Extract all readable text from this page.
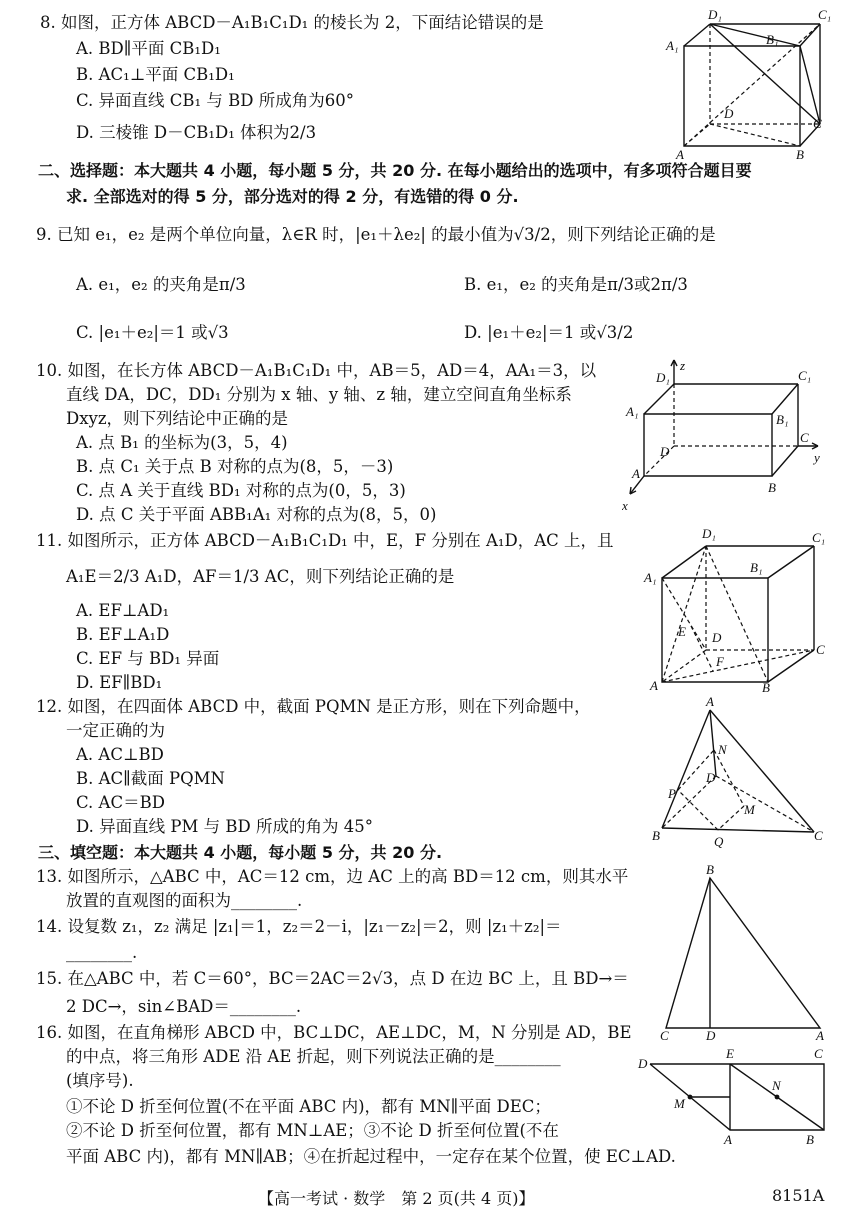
8. 如图，正方体 ABCD－A₁B₁C₁D₁ 的棱长为 2，下面结论错误的是
A. BD∥平面 CB₁D₁
B. AC₁⊥平面 CB₁D₁
C. 异面直线 CB₁ 与 BD 所成角为60°
D. 三棱锥 D－CB₁D₁ 体积为2/3
D₁	C₁
A₁	B₁
D
C
A	B
二、选择题：本大题共 4 小题，每小题 5 分，共 20 分. 在每小题给出的选项中，有多项符合题目要
求. 全部选对的得 5 分，部分选对的得 2 分，有选错的得 0 分.
9. 已知 e₁，e₂ 是两个单位向量，λ∈R 时，|e₁＋λe₂| 的最小值为√3/2，则下列结论正确的是
A. e₁，e₂ 的夹角是π/3	B. e₁，e₂ 的夹角是π/3或2π/3
C. |e₁＋e₂|＝1 或√3	D. |e₁＋e₂|＝1 或√3/2
10. 如图，在长方体 ABCD－A₁B₁C₁D₁ 中，AB＝5，AD＝4，AA₁＝3，以
直线 DA，DC，DD₁ 分别为 x 轴、y 轴、z 轴，建立空间直角坐标系
Dxyz，则下列结论中正确的是
A. 点 B₁ 的坐标为(3，5，4)
B. 点 C₁ 关于点 B 对称的点为(8，5，－3)
C. 点 A 关于直线 BD₁ 对称的点为(0，5，3)
D. 点 C 关于平面 ABB₁A₁ 对称的点为(8，5，0)
z
D₁	C₁
A₁
B₁
D
C
y
A
B
x
11. 如图所示，正方体 ABCD－A₁B₁C₁D₁ 中，E，F 分别在 A₁D，AC 上，且
A₁E＝2/3 A₁D，AF＝1/3 AC，则下列结论正确的是
A. EF⊥AD₁
B. EF⊥A₁D
C. EF 与 BD₁ 异面
D. EF∥BD₁
D₁	C₁
A₁
B₁
E D
F
C
A	B
12. 如图，在四面体 ABCD 中，截面 PQMN 是正方形，则在下列命题中，
一定正确的为
A. AC⊥BD
B. AC∥截面 PQMN
C. AC＝BD
D. 异面直线 PM 与 BD 所成的角为 45°
A
N
D
P
M
B	Q	C
三、填空题：本大题共 4 小题，每小题 5 分，共 20 分.
13. 如图所示，△ABC 中，AC＝12 cm，边 AC 上的高 BD＝12 cm，则其水平
放置的直观图的面积为________.
B
C	D	A
14. 设复数 z₁，z₂ 满足 |z₁|＝1，z₂＝2－i，|z₁－z₂|＝2，则 |z₁＋z₂|＝
________.
15. 在△ABC 中，若 C＝60°，BC＝2AC＝2√3，点 D 在边 BC 上，且 BD→＝
2 DC→，sin∠BAD＝________.
16. 如图，在直角梯形 ABCD 中，BC⊥DC，AE⊥DC，M，N 分别是 AD，BE
的中点，将三角形 ADE 沿 AE 折起，则下列说法正确的是________
(填序号).
①不论 D 折至何位置(不在平面 ABC 内)，都有 MN∥平面 DEC；
②不论 D 折至何位置，都有 MN⊥AE；③不论 D 折至何位置(不在
平面 ABC 内)，都有 MN∥AB；④在折起过程中，一定存在某个位置，使 EC⊥AD.
D
E	C
N
M
A	B
【高一考试 · 数学　第 2 页(共 4 页)】	8151A
